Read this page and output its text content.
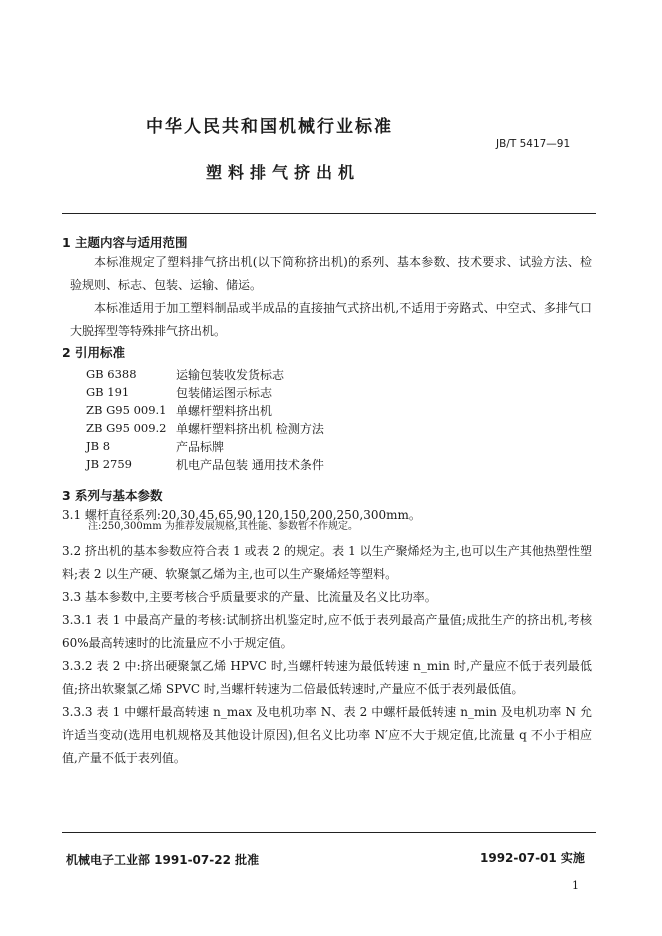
中华人民共和国机械行业标准
JB/T 5417—91
塑料排气挤出机
1 主题内容与适用范围
本标准规定了塑料排气挤出机(以下简称挤出机)的系列、基本参数、技术要求、试验方法、检验规则、标志、包装、运输、储运。
本标准适用于加工塑料制品或半成品的直接抽气式挤出机,不适用于旁路式、中空式、多排气口大脱挥型等特殊排气挤出机。
2 引用标准
GB 6388	运输包装收发货标志
GB 191	包装储运图示标志
ZB G95 009.1 单螺杆塑料挤出机
ZB G95 009.2 单螺杆塑料挤出机 检测方法
JB 8	产品标牌
JB 2759	机电产品包装 通用技术条件
3 系列与基本参数
3.1 螺杆直径系列:20,30,45,65,90,120,150,200,250,300mm。
注:250,300mm 为推荐发展规格,其性能、参数暂不作规定。
3.2 挤出机的基本参数应符合表 1 或表 2 的规定。表 1 以生产聚烯烃为主,也可以生产其他热塑性塑料;表 2 以生产硬、软聚氯乙烯为主,也可以生产聚烯烃等塑料。
3.3 基本参数中,主要考核合乎质量要求的产量、比流量及名义比功率。
3.3.1 表 1 中最高产量的考核:试制挤出机鉴定时,应不低于表列最高产量值;成批生产的挤出机,考核 60%最高转速时的比流量应不小于规定值。
3.3.2 表 2 中:挤出硬聚氯乙烯 HPVC 时,当螺杆转速为最低转速 n_min 时,产量应不低于表列最低值;挤出软聚氯乙烯 SPVC 时,当螺杆转速为二倍最低转速时,产量应不低于表列最低值。
3.3.3 表 1 中螺杆最高转速 n_max 及电机功率 N、表 2 中螺杆最低转速 n_min 及电机功率 N 允许适当变动(选用电机规格及其他设计原因),但名义比功率 N′应不大于规定值,比流量 q 不小于相应值,产量不低于表列值。
机械电子工业部 1991-07-22 批准	1992-07-01 实施
1
